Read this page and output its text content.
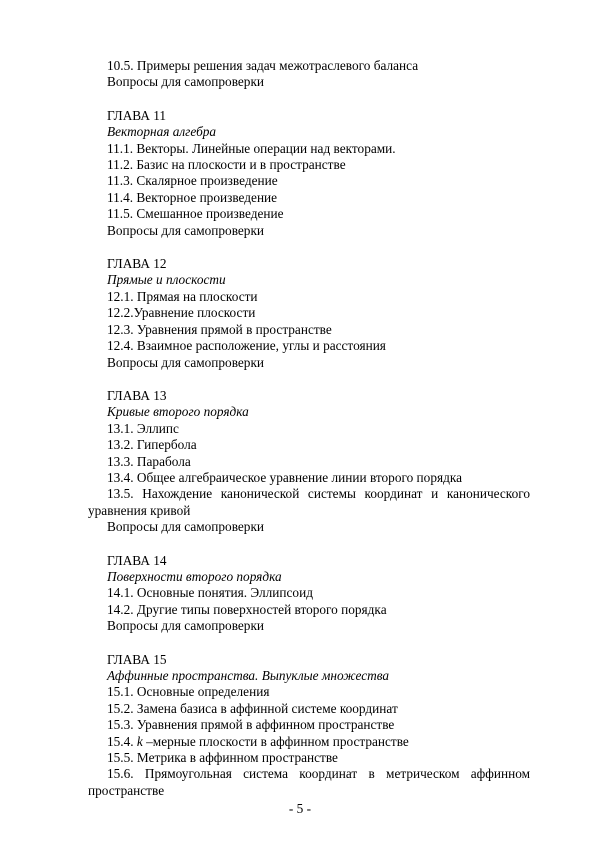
10.5. Примеры решения задач межотраслевого баланса
Вопросы для самопроверки
ГЛАВА 11
Векторная алгебра
11.1. Векторы. Линейные операции над векторами.
11.2. Базис на плоскости и в пространстве
11.3. Скалярное произведение
11.4. Векторное произведение
11.5. Смешанное произведение
Вопросы для самопроверки
ГЛАВА 12
Прямые и плоскости
12.1. Прямая на плоскости
12.2.Уравнение плоскости
12.3. Уравнения прямой в пространстве
12.4. Взаимное расположение, углы и расстояния
Вопросы для самопроверки
ГЛАВА 13
Кривые второго порядка
13.1. Эллипс
13.2. Гипербола
13.3. Парабола
13.4. Общее алгебраическое уравнение линии второго порядка
13.5. Нахождение канонической системы координат и канонического
уравнения кривой
Вопросы для самопроверки
ГЛАВА 14
Поверхности второго порядка
14.1. Основные понятия. Эллипсоид
14.2. Другие типы поверхностей второго порядка
Вопросы для самопроверки
ГЛАВА 15
Аффинные пространства. Выпуклые множества
15.1. Основные определения
15.2. Замена базиса в аффинной системе координат
15.3. Уравнения прямой в аффинном пространстве
15.4. k –мерные плоскости в аффинном пространстве
15.5. Метрика в аффинном пространстве
15.6. Прямоугольная система координат в метрическом аффинном
пространстве
- 5 -
